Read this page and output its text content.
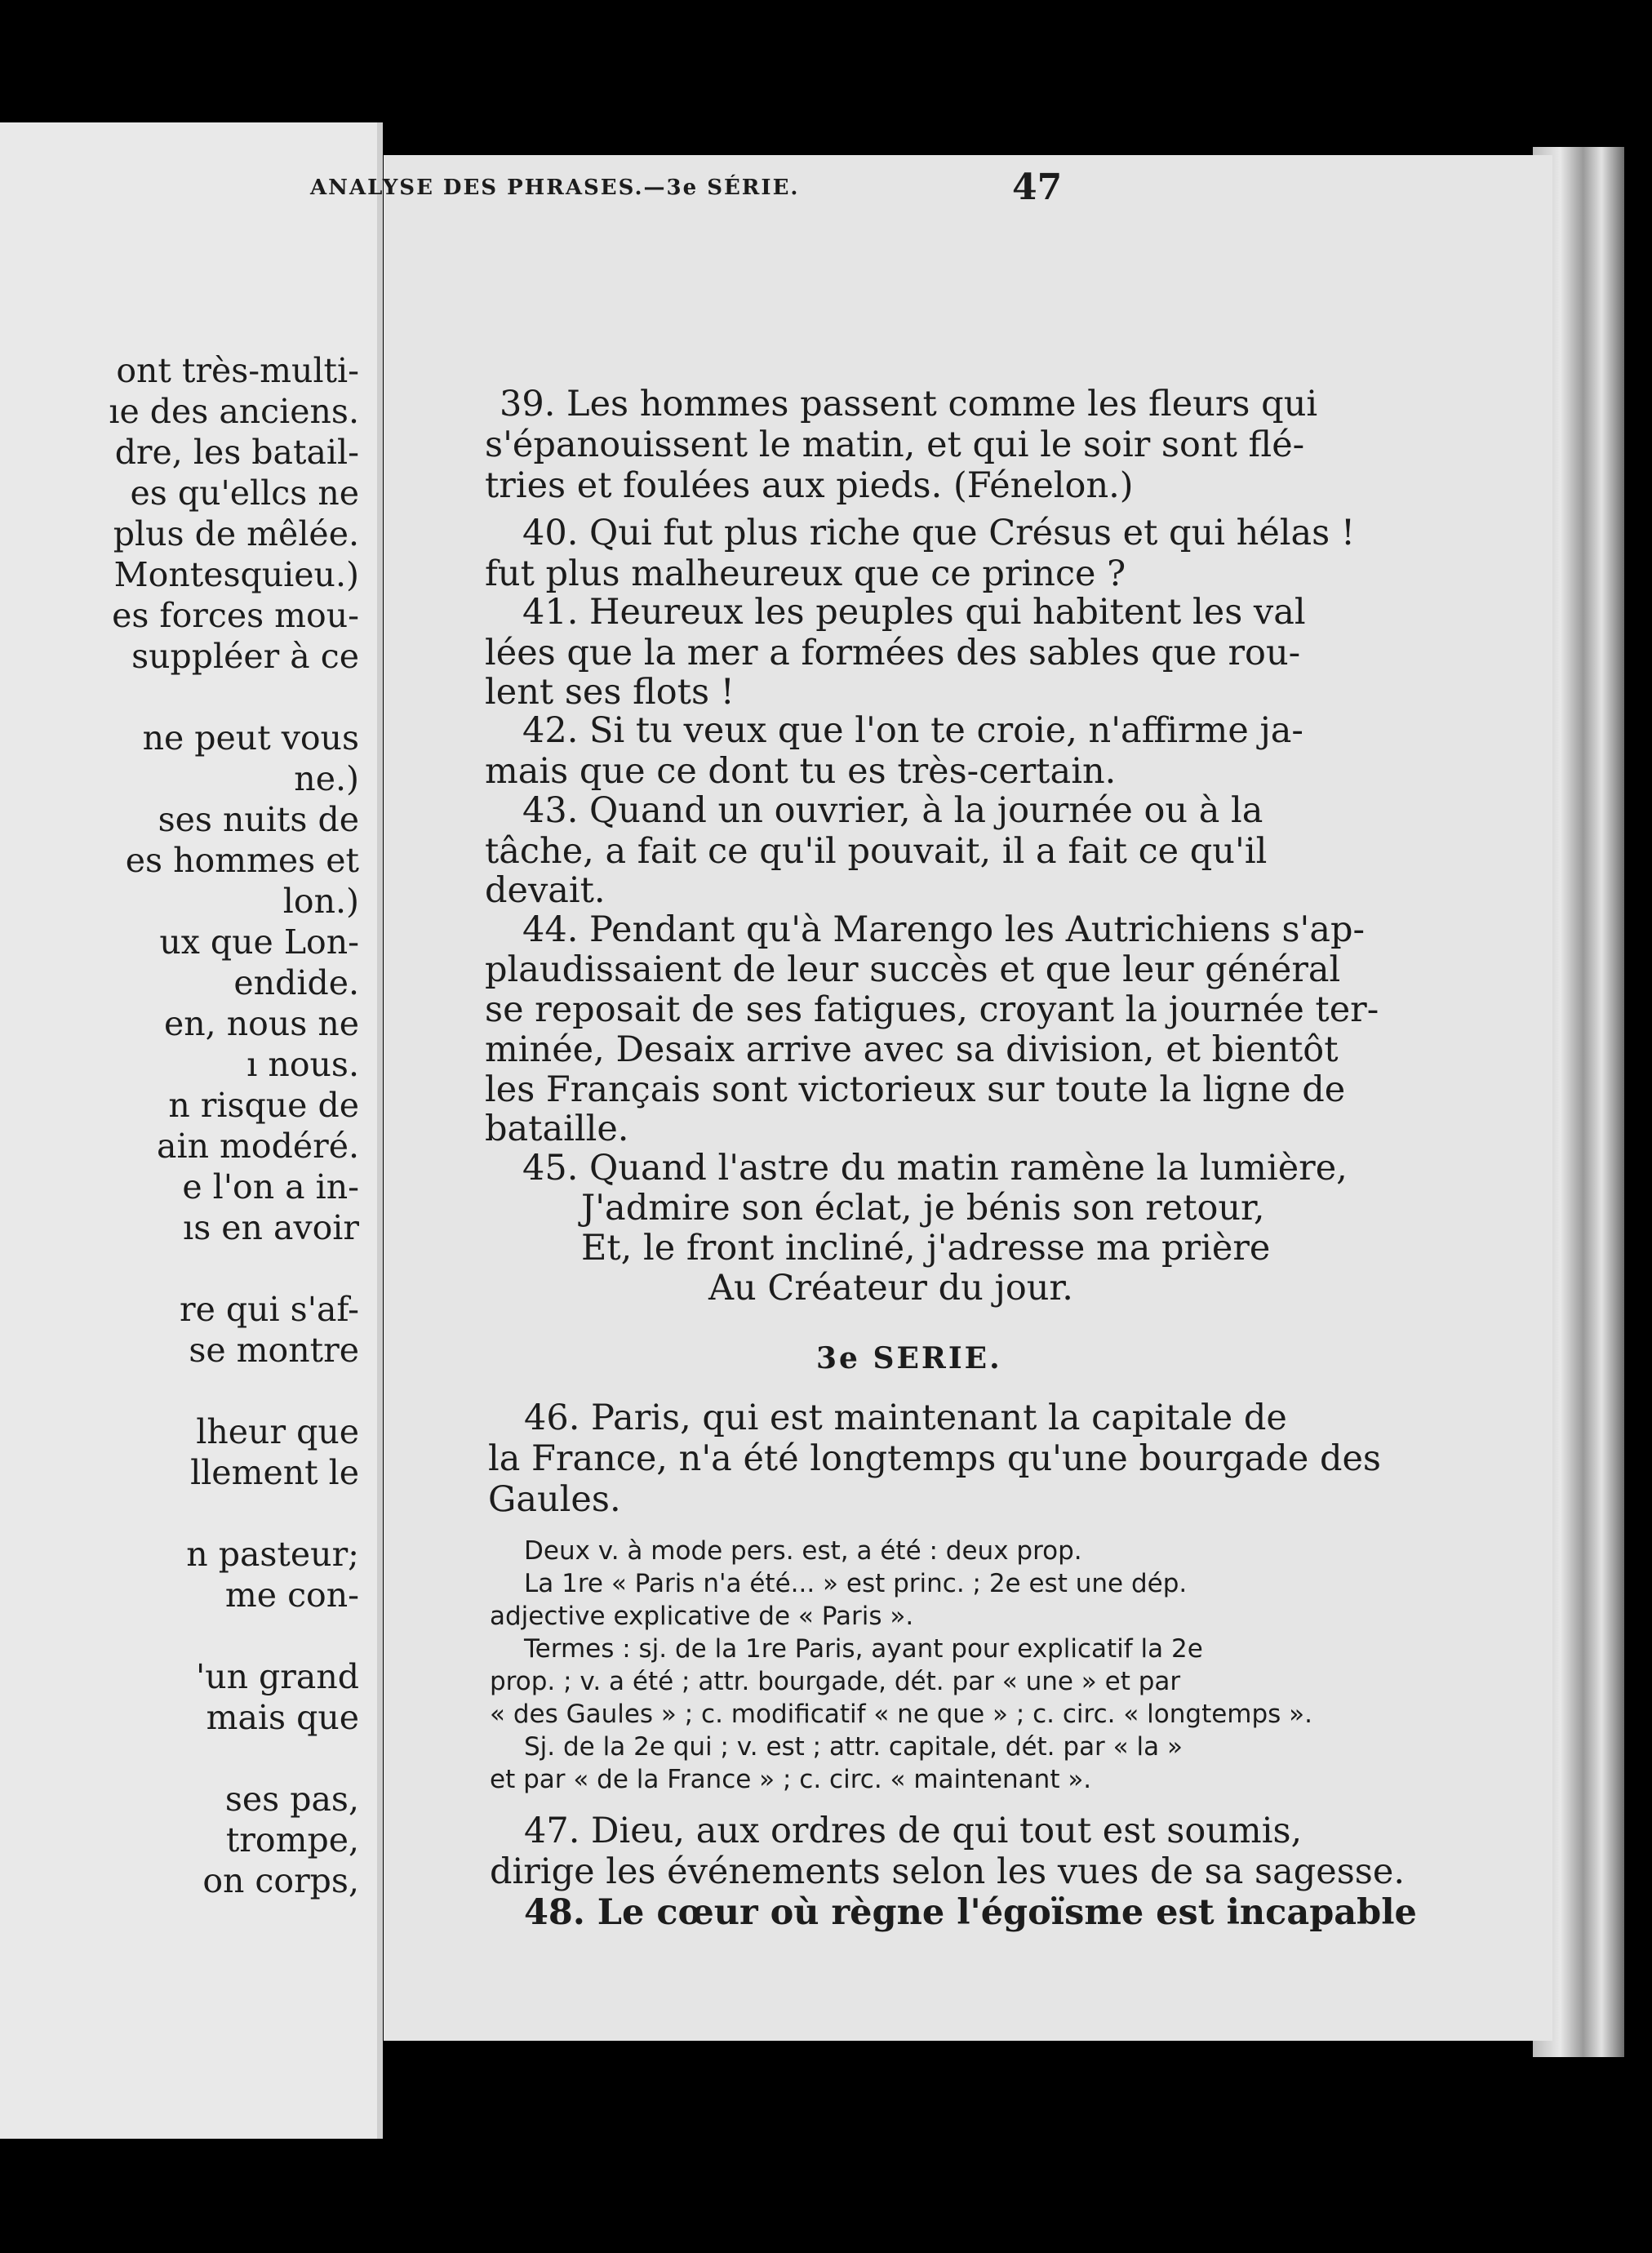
ont très-multi-
ıe des anciens.
dre, les batail-
es qu'ellcs ne
plus de mêlée.
Montesquieu.)
es forces mou-
suppléer à ce
ne peut vous
ne.)
ses nuits de
es hommes et
lon.)
ux que Lon-
endide.
en, nous ne
ı nous.
n risque de
ain modéré.
e l'on a in-
ıs en avoir
re qui s'af-
se montre
lheur que
llement le
n pasteur;
me con-
'un grand
mais que
ses pas,
trompe,
on corps,
ANALYSE DES PHRASES.—3e SÉRIE.	47
39. Les hommes passent comme les fleurs qui
s'épanouissent le matin, et qui le soir sont flé-
tries et foulées aux pieds. (Fénelon.)
40. Qui fut plus riche que Crésus et qui hélas !
fut plus malheureux que ce prince ?
41. Heureux les peuples qui habitent les val
lées que la mer a formées des sables que rou-
lent ses flots !
42. Si tu veux que l'on te croie, n'affirme ja-
mais que ce dont tu es très-certain.
43. Quand un ouvrier, à la journée ou à la
tâche, a fait ce qu'il pouvait, il a fait ce qu'il
devait.
44. Pendant qu'à Marengo les Autrichiens s'ap-
plaudissaient de leur succès et que leur général
se reposait de ses fatigues, croyant la journée ter-
minée, Desaix arrive avec sa division, et bientôt
les Français sont victorieux sur toute la ligne de
bataille.
45. Quand l'astre du matin ramène la lumière,
J'admire son éclat, je bénis son retour,
Et, le front incliné, j'adresse ma prière
Au Créateur du jour.
3e SERIE.
46. Paris, qui est maintenant la capitale de
la France, n'a été longtemps qu'une bourgade des
Gaules.
Deux v. à mode pers. est, a été : deux prop.
La 1re « Paris n'a été... » est princ. ; 2e est une dép.
adjective explicative de « Paris ».
Termes : sj. de la 1re Paris, ayant pour explicatif la 2e
prop. ; v. a été ; attr. bourgade, dét. par « une » et par
« des Gaules » ; c. modificatif « ne que » ; c. circ. « longtemps ».
Sj. de la 2e qui ; v. est ; attr. capitale, dét. par « la »
et par « de la France » ; c. circ. « maintenant ».
47. Dieu, aux ordres de qui tout est soumis,
dirige les événements selon les vues de sa sagesse.
48. Le cœur où règne l'égoïsme est incapable
